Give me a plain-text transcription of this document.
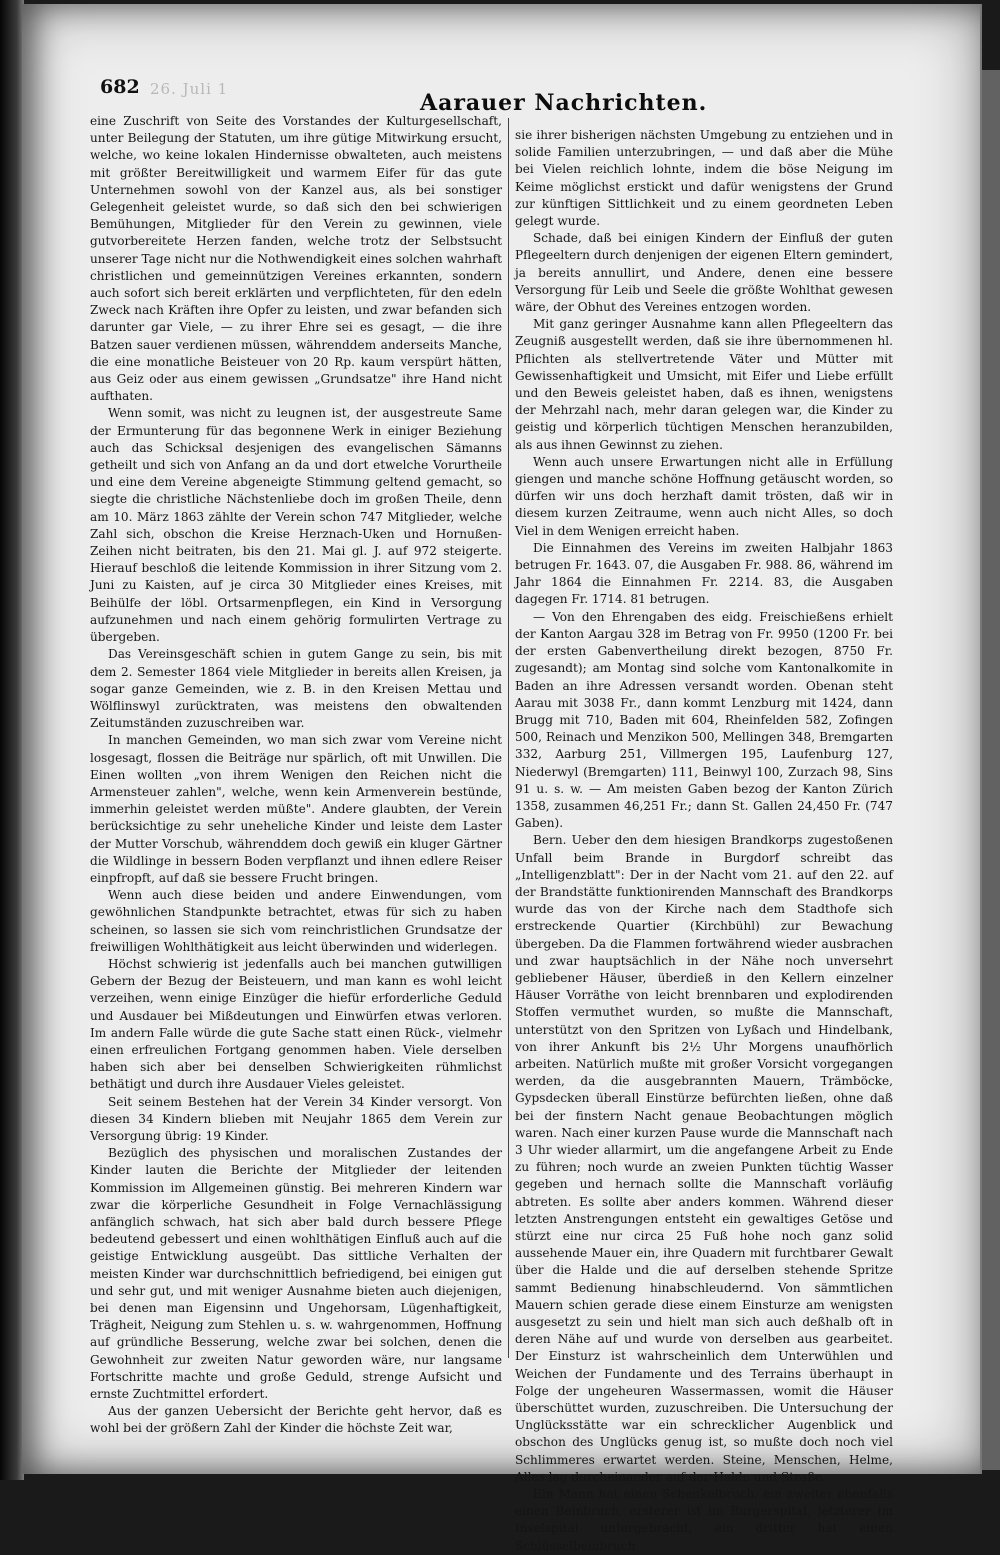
26. Juli 1
682
Aarauer Nachrichten.

eine Zuschrift von Seite des Vorstandes der Kulturgesellschaft, unter Beilegung der Statuten, um ihre gütige Mitwirkung ersucht, welche, wo keine lokalen Hindernisse obwalteten, auch meistens mit größter Bereitwilligkeit und warmem Eifer für das gute Unternehmen sowohl von der Kanzel aus, als bei sonstiger Gelegenheit geleistet wurde, so daß sich den bei schwierigen Bemühungen, Mitglieder für den Verein zu gewinnen, viele gutvorbereitete Herzen fanden, welche trotz der Selbstsucht unserer Tage nicht nur die Nothwendigkeit eines solchen wahrhaft christlichen und gemeinnützigen Vereines erkannten, sondern auch sofort sich bereit erklärten und verpflichteten, für den edeln Zweck nach Kräften ihre Opfer zu leisten, und zwar befanden sich darunter gar Viele, — zu ihrer Ehre sei es gesagt, — die ihre Batzen sauer verdienen müssen, währenddem anderseits Manche, die eine monatliche Beisteuer von 20 Rp. kaum verspürt hätten, aus Geiz oder aus einem gewissen „Grundsatze" ihre Hand nicht aufthaten.

Wenn somit, was nicht zu leugnen ist, der ausgestreute Same der Ermunterung für das begonnene Werk in einiger Beziehung auch das Schicksal desjenigen des evangelischen Sämanns getheilt und sich von Anfang an da und dort etwelche Vorurtheile und eine dem Vereine abgeneigte Stimmung geltend gemacht, so siegte die christliche Nächstenliebe doch im großen Theile, denn am 10. März 1863 zählte der Verein schon 747 Mitglieder, welche Zahl sich, obschon die Kreise Herznach-Uken und Hornußen-Zeihen nicht beitraten, bis den 21. Mai gl. J. auf 972 steigerte. Hierauf beschloß die leitende Kommission in ihrer Sitzung vom 2. Juni zu Kaisten, auf je circa 30 Mitglieder eines Kreises, mit Beihülfe der löbl. Ortsarmenpflegen, ein Kind in Versorgung aufzunehmen und nach einem gehörig formulirten Vertrage zu übergeben.

Das Vereinsgeschäft schien in gutem Gange zu sein, bis mit dem 2. Semester 1864 viele Mitglieder in bereits allen Kreisen, ja sogar ganze Gemeinden, wie z. B. in den Kreisen Mettau und Wölflinswyl zurücktraten, was meistens den obwaltenden Zeitumständen zuzuschreiben war.

In manchen Gemeinden, wo man sich zwar vom Vereine nicht losgesagt, flossen die Beiträge nur spärlich, oft mit Unwillen. Die Einen wollten „von ihrem Wenigen den Reichen nicht die Armensteuer zahlen", welche, wenn kein Armenverein bestünde, immerhin geleistet werden müßte". Andere glaubten, der Verein berücksichtige zu sehr uneheliche Kinder und leiste dem Laster der Mutter Vorschub, währenddem doch gewiß ein kluger Gärtner die Wildlinge in bessern Boden verpflanzt und ihnen edlere Reiser einpfropft, auf daß sie bessere Frucht bringen.

Wenn auch diese beiden und andere Einwendungen, vom gewöhnlichen Standpunkte betrachtet, etwas für sich zu haben scheinen, so lassen sie sich vom reinchristlichen Grundsatze der freiwilligen Wohlthätigkeit aus leicht überwinden und widerlegen.

Höchst schwierig ist jedenfalls auch bei manchen gutwilligen Gebern der Bezug der Beisteuern, und man kann es wohl leicht verzeihen, wenn einige Einzüger die hiefür erforderliche Geduld und Ausdauer bei Mißdeutungen und Einwürfen etwas verloren. Im andern Falle würde die gute Sache statt einen Rück-, vielmehr einen erfreulichen Fortgang genommen haben. Viele derselben haben sich aber bei denselben Schwierigkeiten rühmlichst bethätigt und durch ihre Ausdauer Vieles geleistet.

Seit seinem Bestehen hat der Verein 34 Kinder versorgt. Von diesen 34 Kindern blieben mit Neujahr 1865 dem Verein zur Versorgung übrig: 19 Kinder.

Bezüglich des physischen und moralischen Zustandes der Kinder lauten die Berichte der Mitglieder der leitenden Kommission im Allgemeinen günstig. Bei mehreren Kindern war zwar die körperliche Gesundheit in Folge Vernachlässigung anfänglich schwach, hat sich aber bald durch bessere Pflege bedeutend gebessert und einen wohlthätigen Einfluß auch auf die geistige Entwicklung ausgeübt. Das sittliche Verhalten der meisten Kinder war durchschnittlich befriedigend, bei einigen gut und sehr gut, und mit weniger Ausnahme bieten auch diejenigen, bei denen man Eigensinn und Ungehorsam, Lügenhaftigkeit, Trägheit, Neigung zum Stehlen u. s. w. wahrgenommen, Hoffnung auf gründliche Besserung, welche zwar bei solchen, denen die Gewohnheit zur zweiten Natur geworden wäre, nur langsame Fortschritte machte und große Geduld, strenge Aufsicht und ernste Zuchtmittel erfordert.

Aus der ganzen Uebersicht der Berichte geht hervor, daß es wohl bei der größern Zahl der Kinder die höchste Zeit war,

sie ihrer bisherigen nächsten Umgebung zu entziehen und in solide Familien unterzubringen, — und daß aber die Mühe bei Vielen reichlich lohnte, indem die böse Neigung im Keime möglichst erstickt und dafür wenigstens der Grund zur künftigen Sittlichkeit und zu einem geordneten Leben gelegt wurde.

Schade, daß bei einigen Kindern der Einfluß der guten Pflegeeltern durch denjenigen der eigenen Eltern gemindert, ja bereits annullirt, und Andere, denen eine bessere Versorgung für Leib und Seele die größte Wohlthat gewesen wäre, der Obhut des Vereines entzogen worden.

Mit ganz geringer Ausnahme kann allen Pflegeeltern das Zeugniß ausgestellt werden, daß sie ihre übernommenen hl. Pflichten als stellvertretende Väter und Mütter mit Gewissenhaftigkeit und Umsicht, mit Eifer und Liebe erfüllt und den Beweis geleistet haben, daß es ihnen, wenigstens der Mehrzahl nach, mehr daran gelegen war, die Kinder zu geistig und körperlich tüchtigen Menschen heranzubilden, als aus ihnen Gewinnst zu ziehen.

Wenn auch unsere Erwartungen nicht alle in Erfüllung giengen und manche schöne Hoffnung getäuscht worden, so dürfen wir uns doch herzhaft damit trösten, daß wir in diesem kurzen Zeitraume, wenn auch nicht Alles, so doch Viel in dem Wenigen erreicht haben.

Die Einnahmen des Vereins im zweiten Halbjahr 1863 betrugen Fr. 1643. 07, die Ausgaben Fr. 988. 86, während im Jahr 1864 die Einnahmen Fr. 2214. 83, die Ausgaben dagegen Fr. 1714. 81 betrugen.

— Von den Ehrengaben des eidg. Freischießens erhielt der Kanton Aargau 328 im Betrag von Fr. 9950 (1200 Fr. bei der ersten Gabenvertheilung direkt bezogen, 8750 Fr. zugesandt); am Montag sind solche vom Kantonalkomite in Baden an ihre Adressen versandt worden. Obenan steht Aarau mit 3038 Fr., dann kommt Lenzburg mit 1424, dann Brugg mit 710, Baden mit 604, Rheinfelden 582, Zofingen 500, Reinach und Menzikon 500, Mellingen 348, Bremgarten 332, Aarburg 251, Villmergen 195, Laufenburg 127, Niederwyl (Bremgarten) 111, Beinwyl 100, Zurzach 98, Sins 91 u. s. w. — Am meisten Gaben bezog der Kanton Zürich 1358, zusammen 46,251 Fr.; dann St. Gallen 24,450 Fr. (747 Gaben).

Bern. Ueber den dem hiesigen Brandkorps zugestoßenen Unfall beim Brande in Burgdorf schreibt das „Intelligenzblatt": Der in der Nacht vom 21. auf den 22. auf der Brandstätte funktionirenden Mannschaft des Brandkorps wurde das von der Kirche nach dem Stadthofe sich erstreckende Quartier (Kirchbühl) zur Bewachung übergeben. Da die Flammen fortwährend wieder ausbrachen und zwar hauptsächlich in der Nähe noch unversehrt gebliebener Häuser, überdieß in den Kellern einzelner Häuser Vorräthe von leicht brennbaren und explodirenden Stoffen vermuthet wurden, so mußte die Mannschaft, unterstützt von den Spritzen von Lyßach und Hindelbank, von ihrer Ankunft bis 2½ Uhr Morgens unaufhörlich arbeiten. Natürlich mußte mit großer Vorsicht vorgegangen werden, da die ausgebrannten Mauern, Trämböcke, Gypsdecken überall Einstürze befürchten ließen, ohne daß bei der finstern Nacht genaue Beobachtungen möglich waren. Nach einer kurzen Pause wurde die Mannschaft nach 3 Uhr wieder allarmirt, um die angefangene Arbeit zu Ende zu führen; noch wurde an zweien Punkten tüchtig Wasser gegeben und hernach sollte die Mannschaft vorläufig abtreten. Es sollte aber anders kommen. Während dieser letzten Anstrengungen entsteht ein gewaltiges Getöse und stürzt eine nur circa 25 Fuß hohe noch ganz solid aussehende Mauer ein, ihre Quadern mit furchtbarer Gewalt über die Halde und die auf derselben stehende Spritze sammt Bedienung hinabschleudernd. Von sämmtlichen Mauern schien gerade diese einem Einsturze am wenigsten ausgesetzt zu sein und hielt man sich auch deßhalb oft in deren Nähe auf und wurde von derselben aus gearbeitet. Der Einsturz ist wahrscheinlich dem Unterwühlen und Weichen der Fundamente und des Terrains überhaupt in Folge der ungeheuren Wassermassen, womit die Häuser überschüttet wurden, zuzuschreiben. Die Untersuchung der Unglücksstätte war ein schrecklicher Augenblick und obschon des Unglücks genug ist, so mußte doch noch viel Schlimmeres erwartet werden. Steine, Menschen, Helme, Alles lag durcheinander auf der Halde und Straße.

Ein Mann hat einen Schenkelbruch, ein zweiter ebenfalls einen Beinbruch, ersterer ist im Burgerspital, letzterer im Inselspital untergebracht; ein dritter hat einen Schlüsselbeinbruch
